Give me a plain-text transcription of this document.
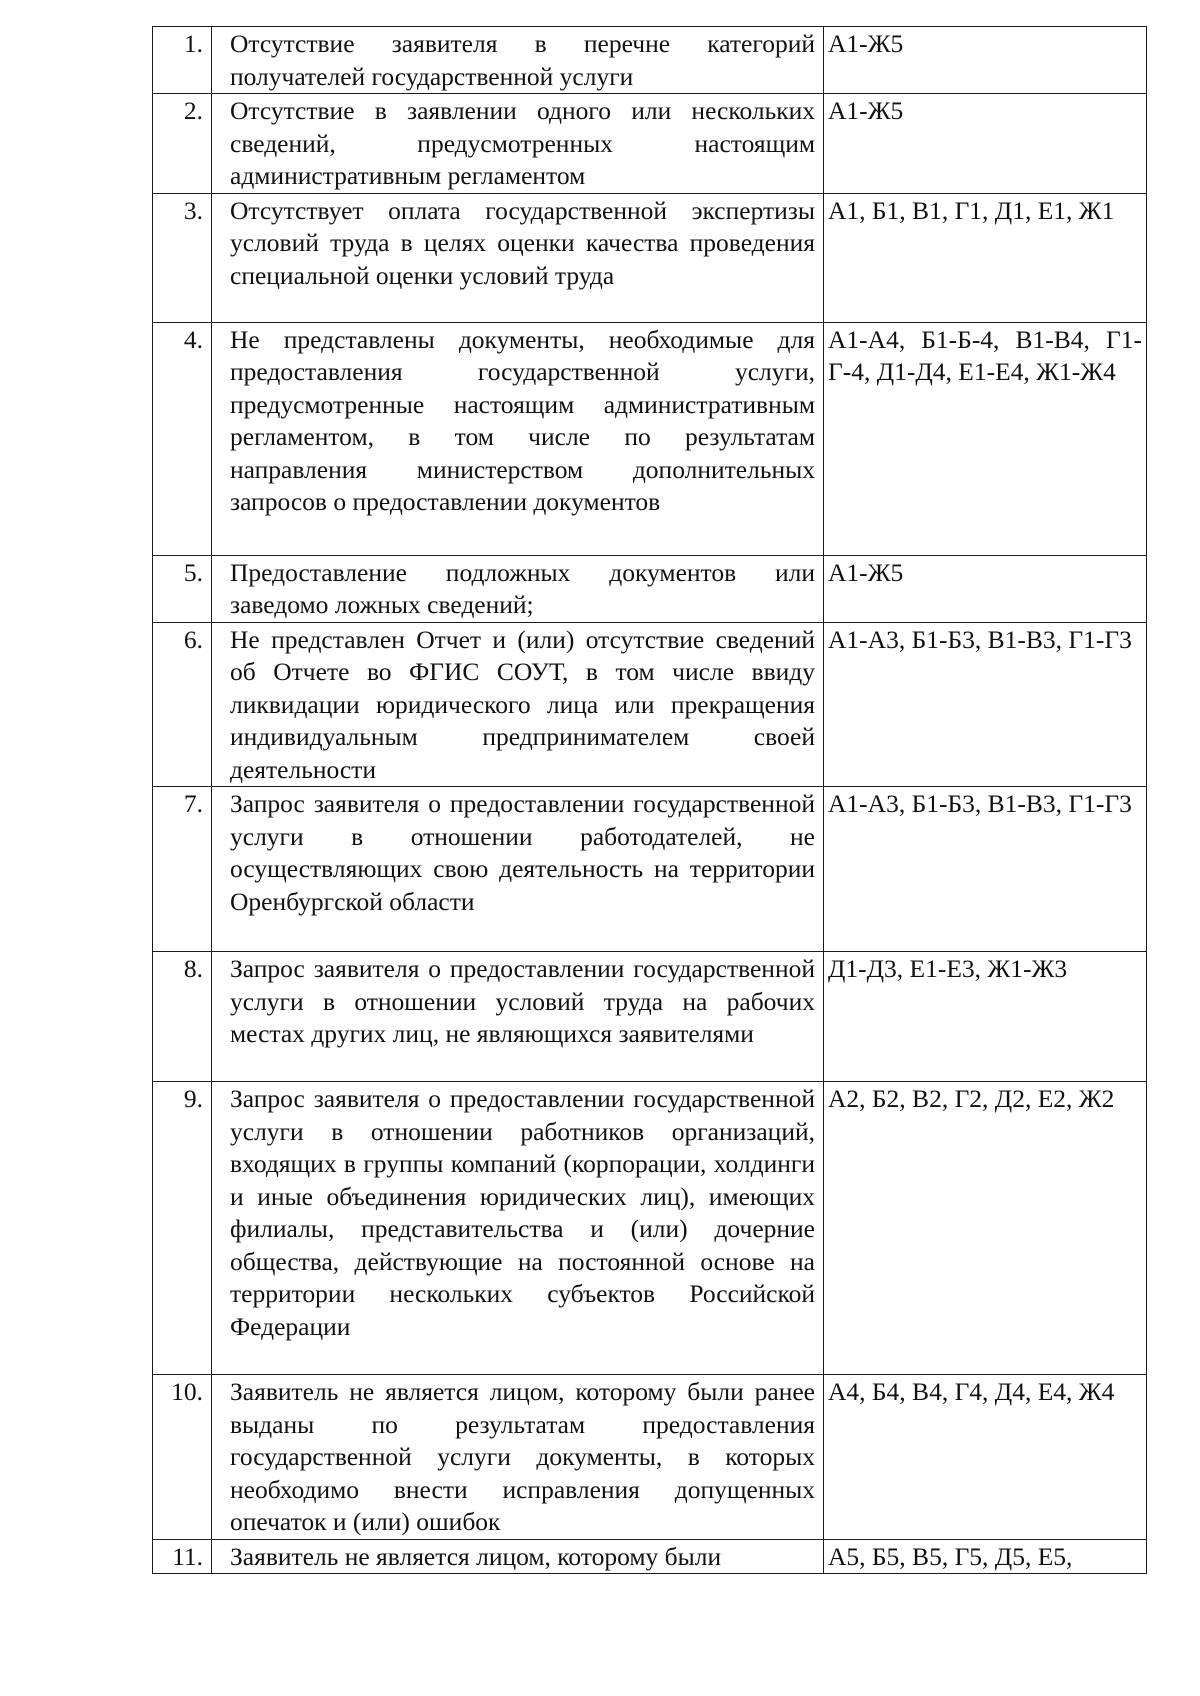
1.	Отсутствие заявителя в перечне категорий получателей государственной услуги	А1-Ж5
2.	Отсутствие в заявлении одного или нескольких сведений, предусмотренных настоящим административным регламентом	А1-Ж5
3.	Отсутствует оплата государственной экспертизы условий труда в целях оценки качества проведения специальной оценки условий труда	А1, Б1, В1, Г1, Д1, Е1, Ж1
4.	Не представлены документы, необходимые для предоставления государственной услуги, предусмотренные настоящим административным регламентом, в том числе по результатам направления министерством дополнительных запросов о предоставлении документов	А1-А4, Б1-Б-4, В1-В4, Г1-Г-4, Д1-Д4, Е1-Е4, Ж1-Ж4
5.	Предоставление подложных документов или заведомо ложных сведений;	А1-Ж5
6.	Не представлен Отчет и (или) отсутствие сведений об Отчете во ФГИС СОУТ, в том числе ввиду ликвидации юридического лица или прекращения индивидуальным предпринимателем своей деятельности	А1-А3, Б1-Б3, В1-В3, Г1-Г3
7.	Запрос заявителя о предоставлении государственной услуги в отношении работодателей, не осуществляющих свою деятельность на территории Оренбургской области	А1-А3, Б1-Б3, В1-В3, Г1-Г3
8.	Запрос заявителя о предоставлении государственной услуги в отношении условий труда на рабочих местах других лиц, не являющихся заявителями	Д1-Д3, Е1-Е3, Ж1-Ж3
9.	Запрос заявителя о предоставлении государственной услуги в отношении работников организаций, входящих в группы компаний (корпорации, холдинги и иные объединения юридических лиц), имеющих филиалы, представительства и (или) дочерние общества, действующие на постоянной основе на территории нескольких субъектов Российской Федерации	А2, Б2, В2, Г2, Д2, Е2, Ж2
10.	Заявитель не является лицом, которому были ранее выданы по результатам предоставления государственной услуги документы, в которых необходимо внести исправления допущенных опечаток и (или) ошибок	А4, Б4, В4, Г4, Д4, Е4, Ж4
11.	Заявитель не является лицом, которому были	А5, Б5, В5, Г5, Д5, Е5,
